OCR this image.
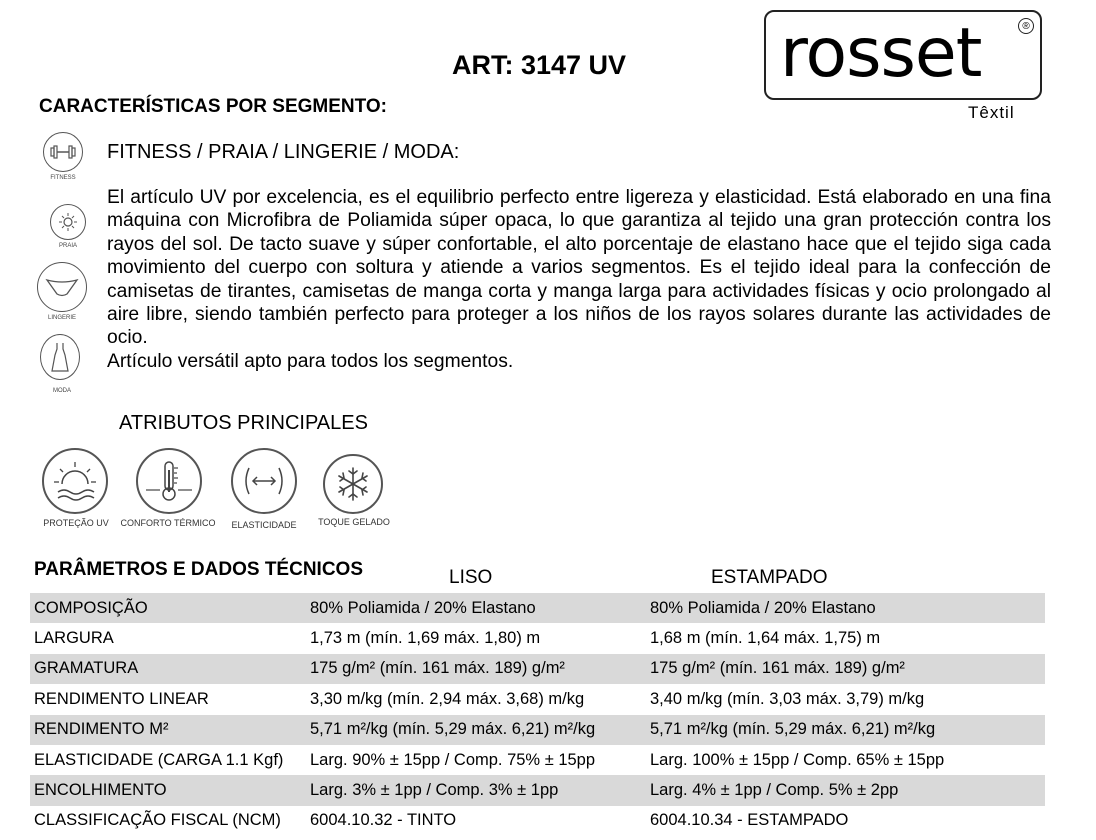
ART: 3147 UV rosset	®
Têxtil
CARACTERÍSTICAS POR SEGMENTO:
FITNESS
PRAIA
LINGERIE
MODA
FITNESS / PRAIA / LINGERIE / MODA:

El artículo UV por excelencia, es el equilibrio perfecto entre ligereza y elasticidad. Está elaborado en una fina máquina con Microfibra de Poliamida súper opaca, lo que garantiza al tejido una gran protección contra los rayos del sol. De tacto suave y súper confortable, el alto porcentaje de elastano hace que el tejido siga cada movimiento del cuerpo con soltura y atiende a varios segmentos. Es el tejido ideal para la confección de camisetas de tirantes, camisetas de manga corta y manga larga para actividades físicas y ocio prolongado al aire libre, siendo también perfecto para proteger a los niños de los rayos solares durante las actividades de ocio.

Artículo versátil apto para todos los segmentos.

ATRIBUTOS PRINCIPALES
PROTEÇÃO UV	CONFORTO TÉRMICO	ELASTICIDADE	TOQUE GELADO
PARÂMETROS E DADOS TÉCNICOS	LISO	ESTAMPADO
COMPOSIÇÃO	80% Poliamida / 20% Elastano	80% Poliamida / 20% Elastano
LARGURA	1,73 m (mín. 1,69 máx. 1,80) m	1,68 m (mín. 1,64 máx. 1,75) m
GRAMATURA	175 g/m² (mín. 161 máx. 189) g/m²	175 g/m² (mín. 161 máx. 189) g/m²
RENDIMENTO LINEAR	3,30 m/kg (mín. 2,94 máx. 3,68) m/kg	3,40 m/kg (mín. 3,03 máx. 3,79) m/kg
RENDIMENTO M²	5,71 m²/kg (mín. 5,29 máx. 6,21) m²/kg	5,71 m²/kg (mín. 5,29 máx. 6,21) m²/kg
ELASTICIDADE (CARGA 1.1 Kgf)	Larg. 90% ± 15pp / Comp. 75% ± 15pp	Larg. 100% ± 15pp / Comp. 65% ± 15pp
ENCOLHIMENTO	Larg. 3% ± 1pp / Comp. 3% ± 1pp	Larg. 4% ± 1pp / Comp. 5% ± 2pp
CLASSIFICAÇÃO FISCAL (NCM)	6004.10.32 - TINTO	6004.10.34 - ESTAMPADO
